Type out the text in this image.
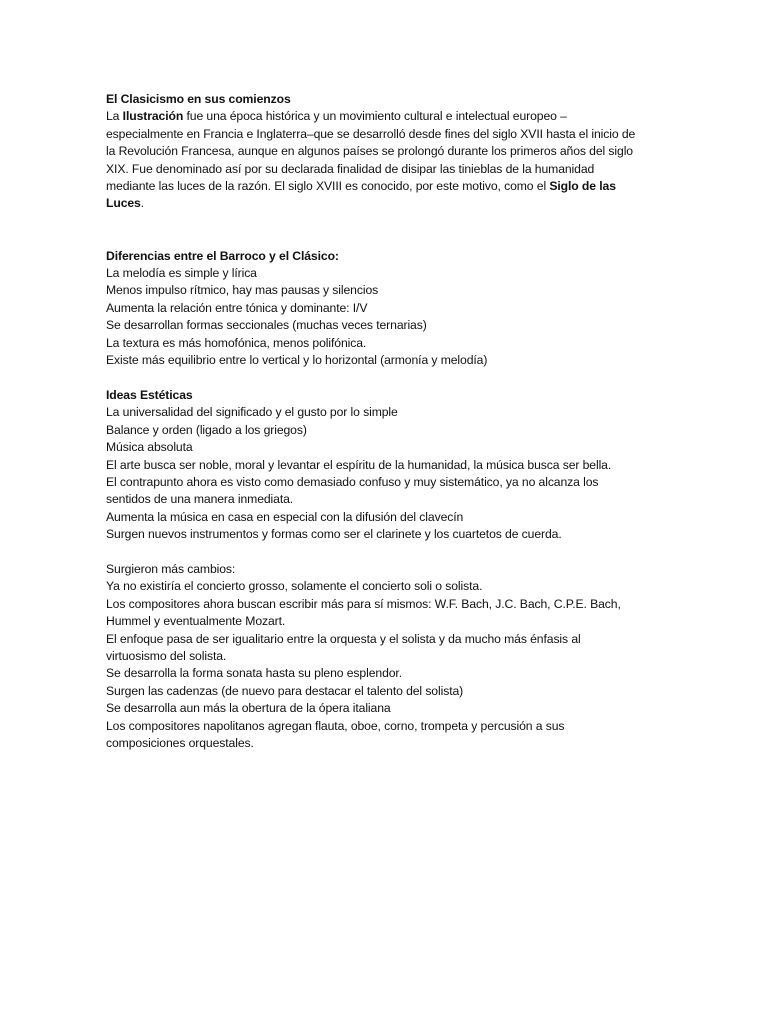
El Clasicismo en sus comienzos
La Ilustración fue una época histórica y un movimiento cultural e intelectual europeo –
especialmente en Francia e Inglaterra–que se desarrolló desde fines del siglo XVII hasta el inicio de
la Revolución Francesa, aunque en algunos países se prolongó durante los primeros años del siglo
XIX. Fue denominado así por su declarada finalidad de disipar las tinieblas de la humanidad
mediante las luces de la razón. El siglo XVIII es conocido, por este motivo, como el Siglo de las
Luces.
Diferencias entre el Barroco y el Clásico:
La melodía es simple y lírica
Menos impulso rítmico, hay mas pausas y silencios
Aumenta la relación entre tónica y dominante: I/V
Se desarrollan formas seccionales (muchas veces ternarias)
La textura es más homofónica, menos polifónica.
Existe más equilibrio entre lo vertical y lo horizontal (armonía y melodía)
Ideas Estéticas
La universalidad del significado y el gusto por lo simple
Balance y orden (ligado a los griegos)
Música absoluta
El arte busca ser noble, moral y levantar el espíritu de la humanidad, la música busca ser bella.
El contrapunto ahora es visto como demasiado confuso y muy sistemático, ya no alcanza los
sentidos de una manera inmediata.
Aumenta la música en casa en especial con la difusión del clavecín
Surgen nuevos instrumentos y formas como ser el clarinete y los cuartetos de cuerda.
Surgieron más cambios:
Ya no existiría el concierto grosso, solamente el concierto soli o solista.
Los compositores ahora buscan escribir más para sí mismos: W.F. Bach, J.C. Bach, C.P.E. Bach,
Hummel y eventualmente Mozart.
El enfoque pasa de ser igualitario entre la orquesta y el solista y da mucho más énfasis al
virtuosismo del solista.
Se desarrolla la forma sonata hasta su pleno esplendor.
Surgen las cadenzas (de nuevo para destacar el talento del solista)
Se desarrolla aun más la obertura de la ópera italiana
Los compositores napolitanos agregan flauta, oboe, corno, trompeta y percusión a sus
composiciones orquestales.
